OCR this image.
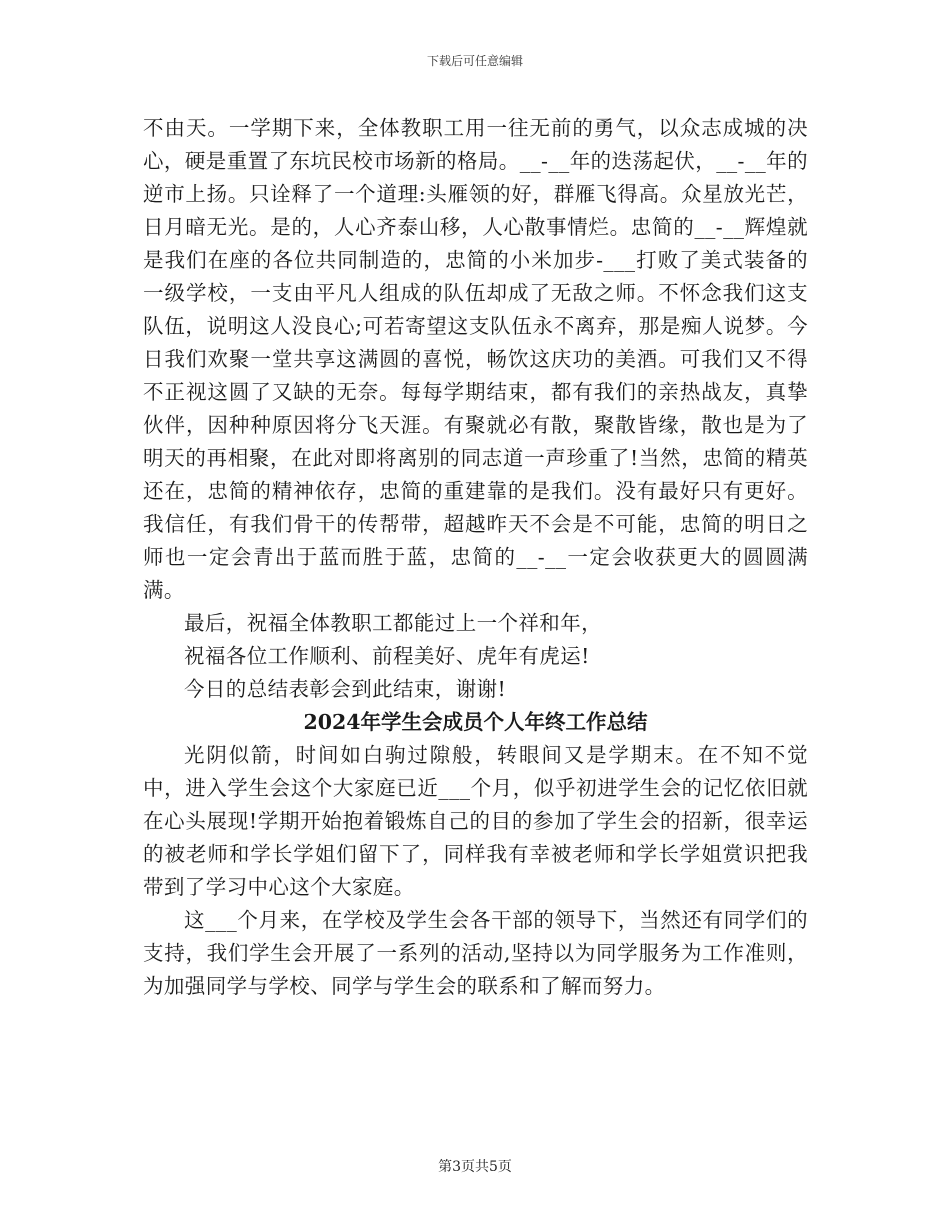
下载后可任意编辑

不由天。一学期下来，全体教职工用一往无前的勇气，以众志成城的决心，硬是重置了东坑民校市场新的格局。__-__年的迭荡起伏，__-__年的逆市上扬。只诠释了一个道理:头雁领的好，群雁飞得高。众星放光芒，日月暗无光。是的，人心齐泰山移，人心散事情烂。忠简的__-__辉煌就是我们在座的各位共同制造的，忠简的小米加步-___打败了美式装备的一级学校，一支由平凡人组成的队伍却成了无敌之师。不怀念我们这支队伍，说明这人没良心;可若寄望这支队伍永不离弃，那是痴人说梦。今日我们欢聚一堂共享这满圆的喜悦，畅饮这庆功的美酒。可我们又不得不正视这圆了又缺的无奈。每每学期结束，都有我们的亲热战友，真挚伙伴，因种种原因将分飞天涯。有聚就必有散，聚散皆缘，散也是为了明天的再相聚，在此对即将离别的同志道一声珍重了!当然，忠简的精英还在，忠简的精神依存，忠简的重建靠的是我们。没有最好只有更好。我信任，有我们骨干的传帮带，超越昨天不会是不可能，忠简的明日之师也一定会青出于蓝而胜于蓝，忠简的__-__一定会收获更大的圆圆满满。

最后，祝福全体教职工都能过上一个祥和年，

祝福各位工作顺利、前程美好、虎年有虎运!

今日的总结表彰会到此结束，谢谢!

2024年学生会成员个人年终工作总结

光阴似箭，时间如白驹过隙般，转眼间又是学期末。在不知不觉中，进入学生会这个大家庭已近___个月，似乎初进学生会的记忆依旧就在心头展现!学期开始抱着锻炼自己的目的参加了学生会的招新，很幸运的被老师和学长学姐们留下了，同样我有幸被老师和学长学姐赏识把我带到了学习中心这个大家庭。

这___个月来，在学校及学生会各干部的领导下，当然还有同学们的支持，我们学生会开展了一系列的活动,坚持以为同学服务为工作准则，为加强同学与学校、同学与学生会的联系和了解而努力。

第3页共5页
